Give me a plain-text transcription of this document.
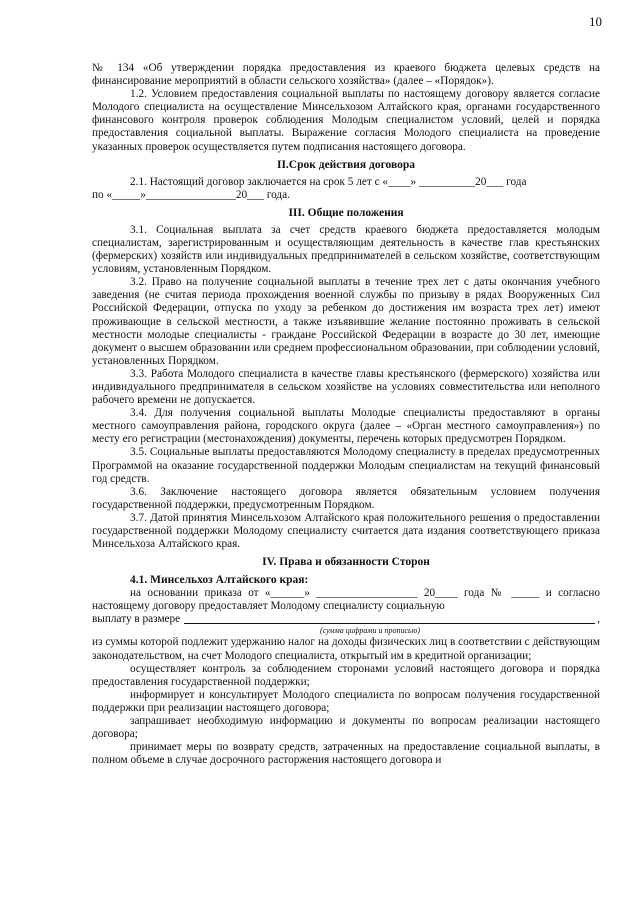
10

№ 134 «Об утверждении порядка предоставления из краевого бюджета целевых средств на финансирование мероприятий в области сельского хозяйства» (далее – «Порядок»).

1.2. Условием предоставления социальной выплаты по настоящему договору является согласие Молодого специалиста на осуществление Минсельхозом Алтайского края, органами государственного финансового контроля проверок соблюдения Молодым специалистом условий, целей и порядка предоставления социальной выплаты. Выражение согласия Молодого специалиста на проведение указанных проверок осуществляется путем подписания настоящего договора.

II.Срок действия договора

2.1. Настоящий договор заключается на срок 5 лет с «____» __________20___ года

по «_____»________________20___ года.

III. Общие положения

3.1. Социальная выплата за счет средств краевого бюджета предоставляется молодым специалистам, зарегистрированным и осуществляющим деятельность в качестве глав крестьянских (фермерских) хозяйств или индивидуальных предпринимателей в сельском хозяйстве, соответствующим условиям, установленным Порядком.

3.2. Право на получение социальной выплаты в течение трех лет с даты окончания учебного заведения (не считая периода прохождения военной службы по призыву в рядах Вооруженных Сил Российской Федерации, отпуска по уходу за ребенком до достижения им возраста трех лет) имеют проживающие в сельской местности, а также изъявившие желание постоянно проживать в сельской местности молодые специалисты - граждане Российской Федерации в возрасте до 30 лет, имеющие документ о высшем образовании или среднем профессиональном образовании, при соблюдении условий, установленных Порядком.

3.3. Работа Молодого специалиста в качестве главы крестьянского (фермерского) хозяйства или индивидуального предпринимателя в сельском хозяйстве на условиях совместительства или неполного рабочего времени не допускается.

3.4. Для получения социальной выплаты Молодые специалисты предоставляют в органы местного самоуправления района, городского округа (далее – «Орган местного самоуправления») по месту его регистрации (местонахождения) документы, перечень которых предусмотрен Порядком.

3.5. Социальные выплаты предоставляются Молодому специалисту в пределах предусмотренных Программой на оказание государственной поддержки Молодым специалистам на текущий финансовый год средств.

3.6. Заключение настоящего договора является обязательным условием получения государственной поддержки, предусмотренным Порядком.

3.7. Датой принятия Минсельхозом Алтайского края положительного решения о предоставлении государственной поддержки Молодому специалисту считается дата издания соответствующего приказа Минсельхоза Алтайского края.

IV. Права и обязанности Сторон
4.1. Минсельхоз Алтайского края:

на основании приказа от «______» __________________ 20____ года № _____ и согласно настоящему договору предоставляет Молодому специалисту социальную

выплату в размере	,
(сумма цифрами и прописью)

из суммы которой подлежит удержанию налог на доходы физических лиц в соответствии с действующим законодательством, на счет Молодого специалиста, открытый им в кредитной организации;

осуществляет контроль за соблюдением сторонами условий настоящего договора и порядка предоставления государственной поддержки;

информирует и консультирует Молодого специалиста по вопросам получения государственной поддержки при реализации настоящего договора;

запрашивает необходимую информацию и документы по вопросам реализации настоящего договора;

принимает меры по возврату средств, затраченных на предоставление социальной выплаты, в полном объеме в случае досрочного расторжения настоящего договора и
